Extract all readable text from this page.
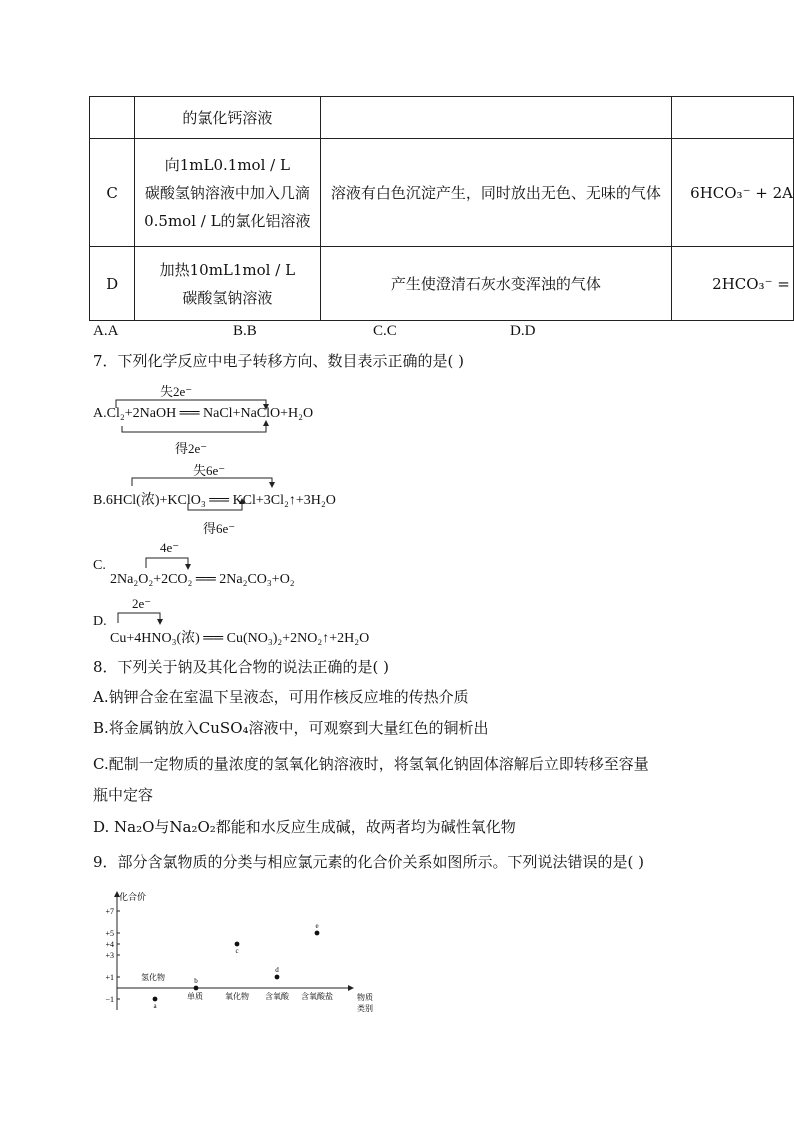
	的氯化钙溶液		
C	向1mL0.1mol / L
碳酸氢钠溶液中加入几滴
0.5mol / L的氯化铝溶液	溶液有白色沉淀产生，同时放出无色、无味的气体	6HCO₃⁻ + 2A
D	加热10mL1mol / L
碳酸氢钠溶液	产生使澄清石灰水变浑浊的气体	2HCO₃⁻ =
A.A	B.B	C.C	D.D
7．下列化学反应中电子转移方向、数目表示正确的是( )
失2e⁻
A.Cl₂+2NaOH ══ NaCl+NaClO+H₂O
得2e⁻
失6e⁻
B.6HCl(浓)+KClO₃ ══ KCl+3Cl₂↑+3H₂O
得6e⁻
4e⁻
C.
2Na₂O₂+2CO₂ ══ 2Na₂CO₃+O₂
2e⁻
D.
Cu+4HNO₃(浓) ══ Cu(NO₃)₂+2NO₂↑+2H₂O
8．下列关于钠及其化合物的说法正确的是( )
A.钠钾合金在室温下呈液态，可用作核反应堆的传热介质
B.将金属钠放入CuSO₄溶液中，可观察到大量红色的铜析出
C.配制一定物质的量浓度的氢氧化钠溶液时，将氢氧化钠固体溶解后立即转移至容量
瓶中定容
D. Na₂O与Na₂O₂都能和水反应生成碱，故两者均为碱性氧化物
9．部分含氯物质的分类与相应氯元素的化合价关系如图所示。下列说法错误的是( )
化合价
+7
+5
+4
+3
+1
−1
氢化物
单质	氧化物 含氧酸 含氧酸盐
a
b
c
d
e
物质
类别
